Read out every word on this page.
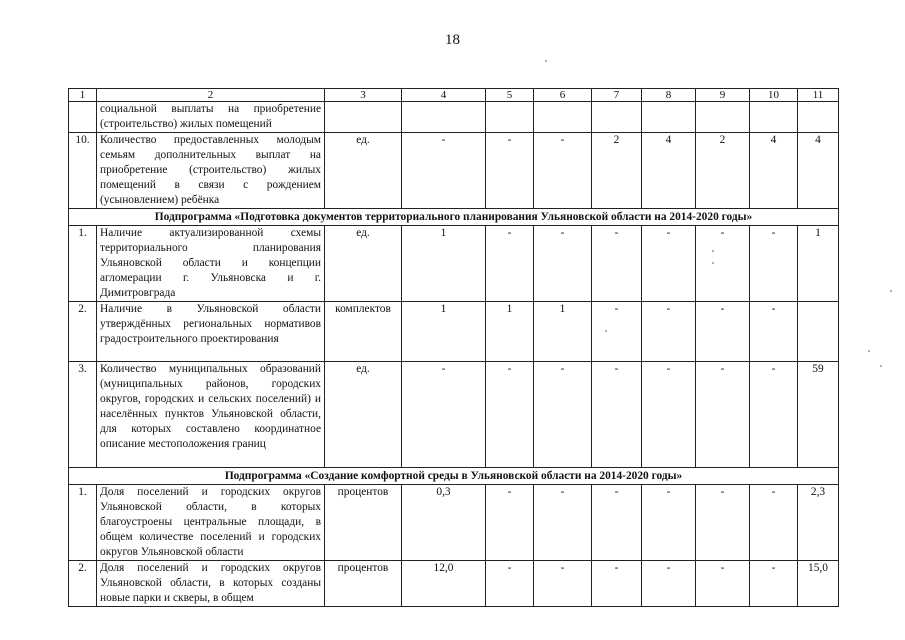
18
1	2	3	4	5	6	7	8	9	10	11
	социальной выплаты на приобретение (строительство) жилых помещений									
10.	Количество предоставленных молодым семьям дополнительных выплат на приобретение (строительство) жилых помещений в связи с рождением (усыновлением) ребёнка	ед.	-	-	-	2	4	2	4	4
Подпрограмма «Подготовка документов территориального планирования Ульяновской области на 2014-2020 годы»										
1.	Наличие актуализированной схемы территориального планирования Ульяновской области и концепции агломерации г. Ульяновска и г. Димитровграда	ед.	1	-	-	-	-	-	-	1
2.	Наличие в Ульяновской области утверждённых региональных нормативов градостроительного проектирования	комплектов	1	1	1	-	-	-	-	
3.	Количество муниципальных образований (муниципальных районов, городских округов, городских и сельских поселений) и населённых пунктов Ульяновской области, для которых составлено координатное описание местоположения границ	ед.	-	-	-	-	-	-	-	59
Подпрограмма «Создание комфортной среды в Ульяновской области на 2014-2020 годы»										
1.	Доля поселений и городских округов Ульяновской области, в которых благоустроены центральные площади, в общем количестве поселений и городских округов Ульяновской области	процентов	0,3	-	-	-	-	-	-	2,3
2.	Доля поселений и городских округов Ульяновской области, в которых созданы новые парки и скверы, в общем	процентов	12,0	-	-	-	-	-	-	15,0
